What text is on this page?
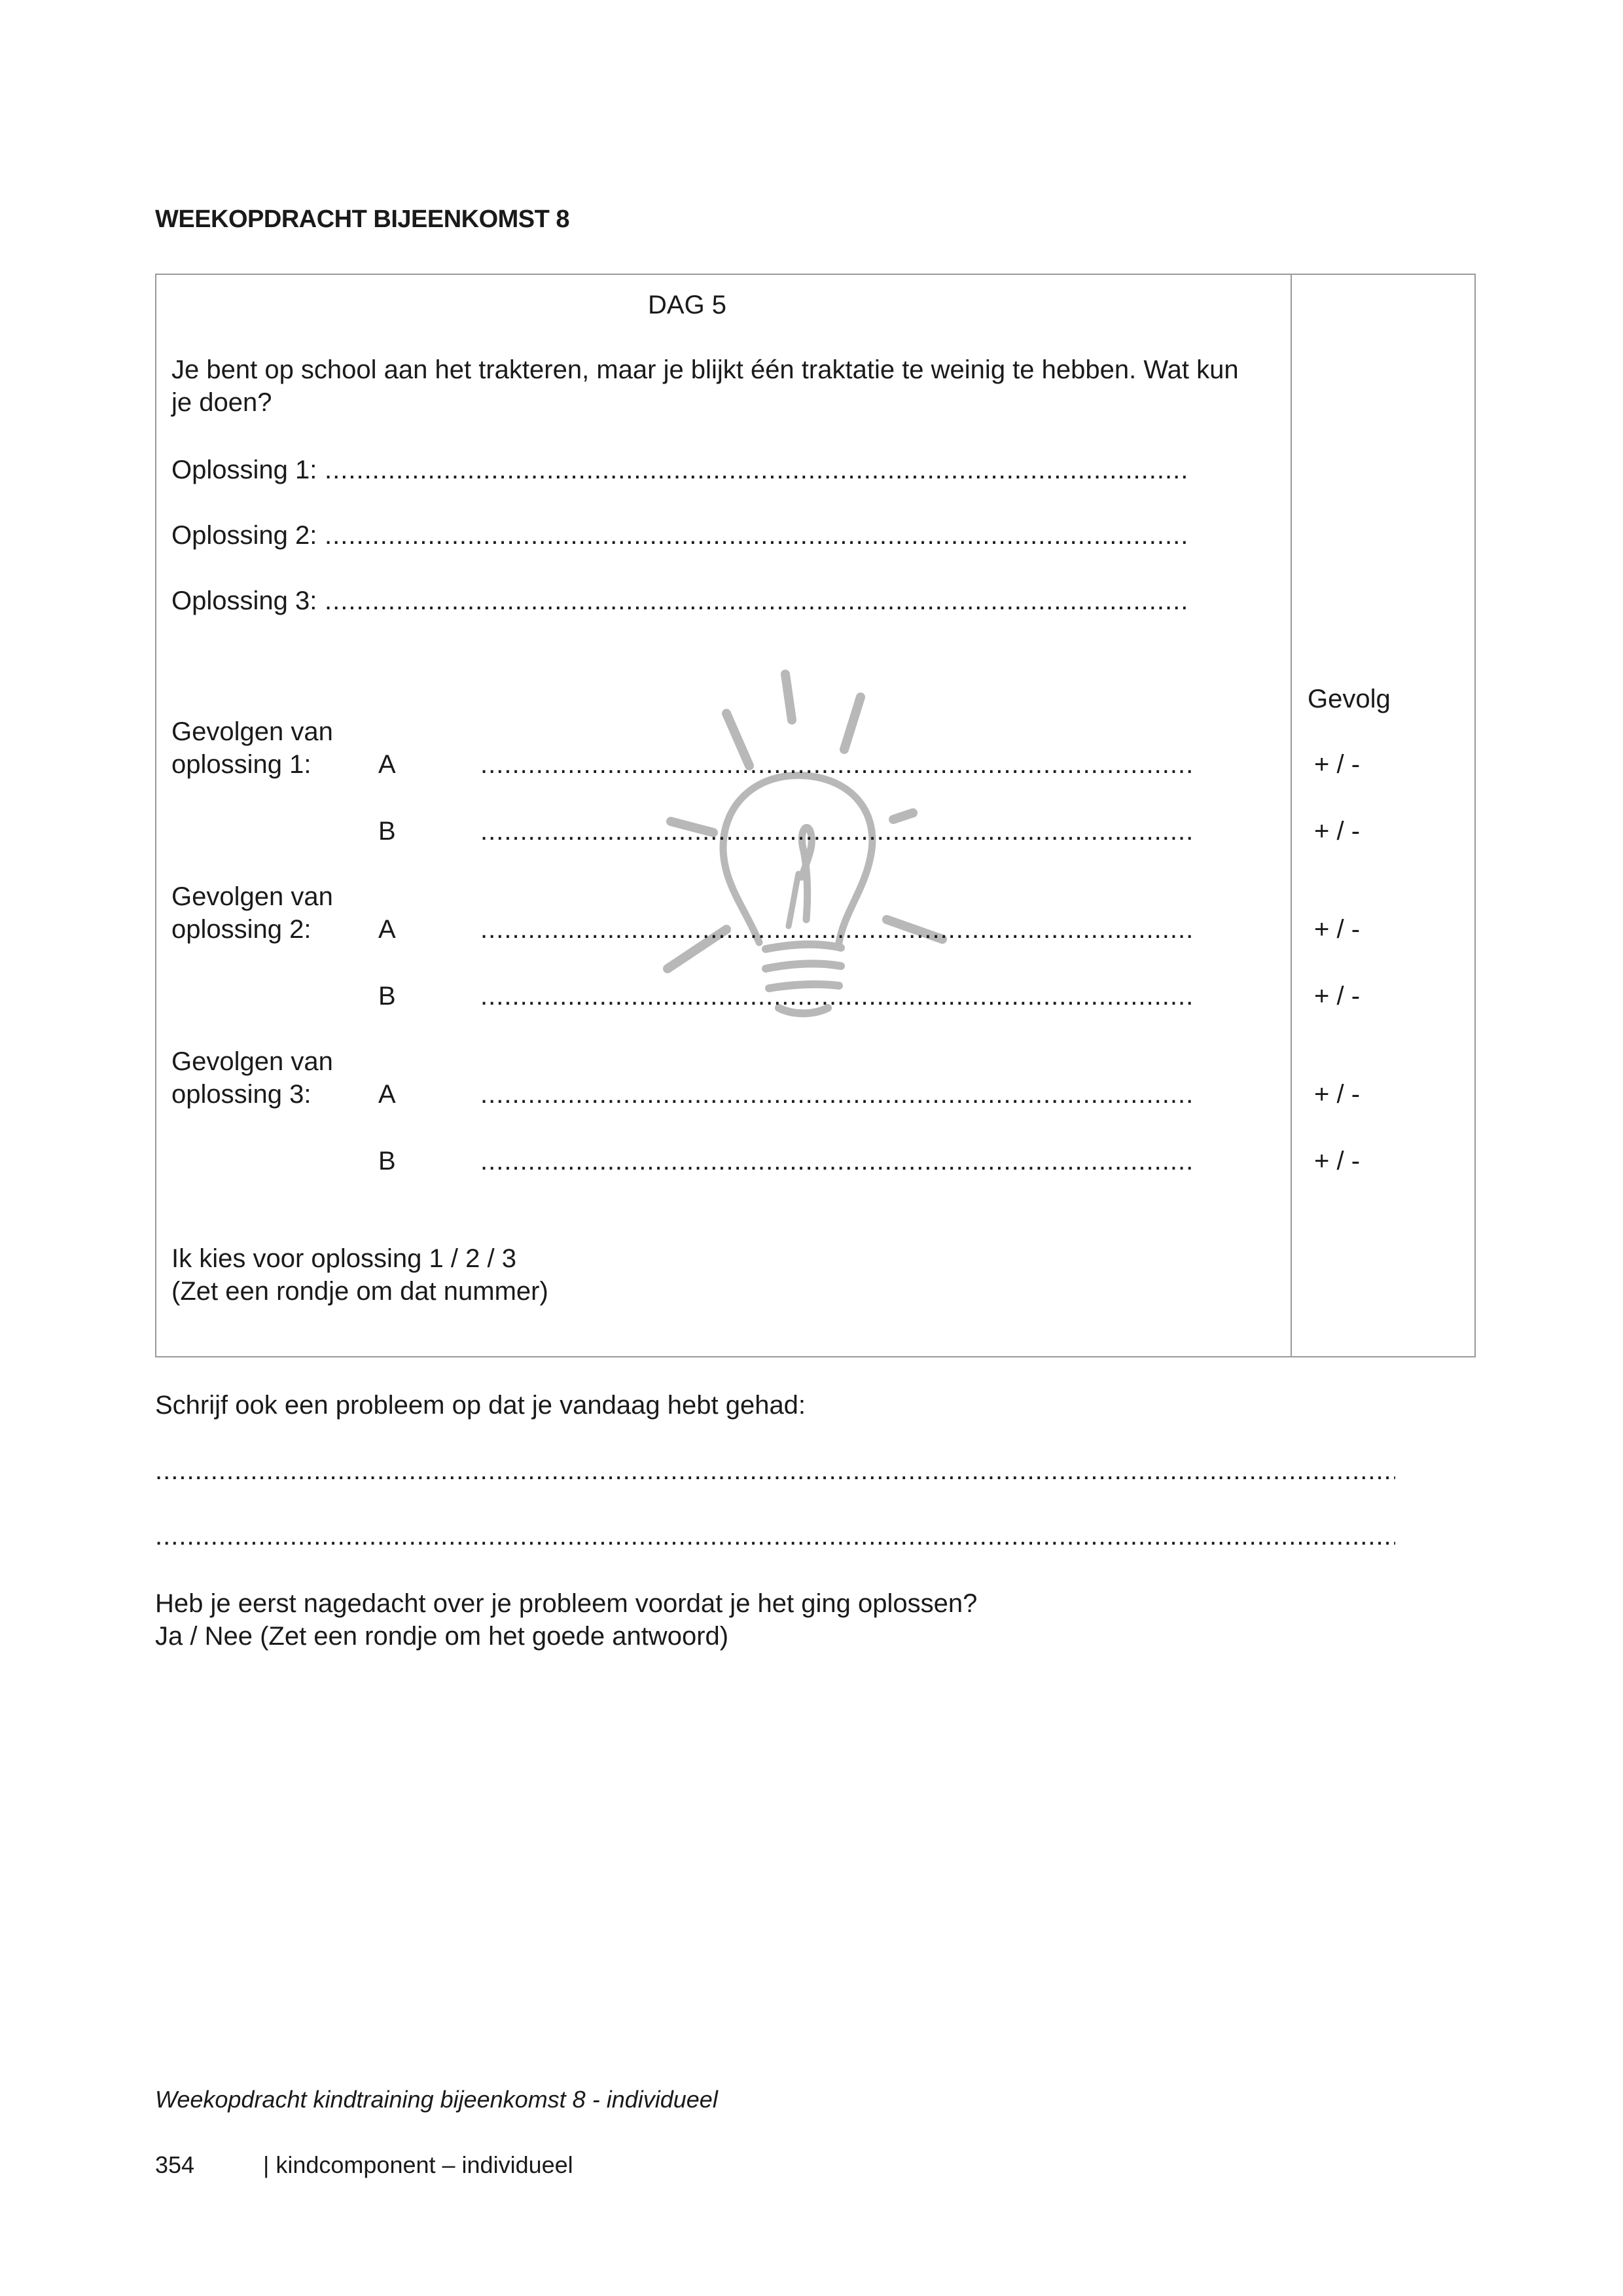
WEEKOPDRACHT BIJEENKOMST 8
DAG 5
Je bent op school aan het trakteren, maar je blijkt één traktatie te weinig te hebben. Wat kun
je doen?
Oplossing 1:
.....
Oplossing 2:
.....
Oplossing 3:
.....
Gevolg
Gevolgen van
oplossing 1:	A .....	+ / -
B .....	+ / -
Gevolgen van
oplossing 2:	A .....	+ / -
B .....	+ / -
Gevolgen van
oplossing 3:	A .....	+ / -
B .....	+ / -
Ik kies voor oplossing 1 / 2 / 3
(Zet een rondje om dat nummer)
Schrijf ook een probleem op dat je vandaag hebt gehad:
.....
.....
Heb je eerst nagedacht over je probleem voordat je het ging oplossen?
Ja / Nee (Zet een rondje om het goede antwoord)
Weekopdracht kindtraining bijeenkomst 8 - individueel
354	| kindcomponent – individueel
